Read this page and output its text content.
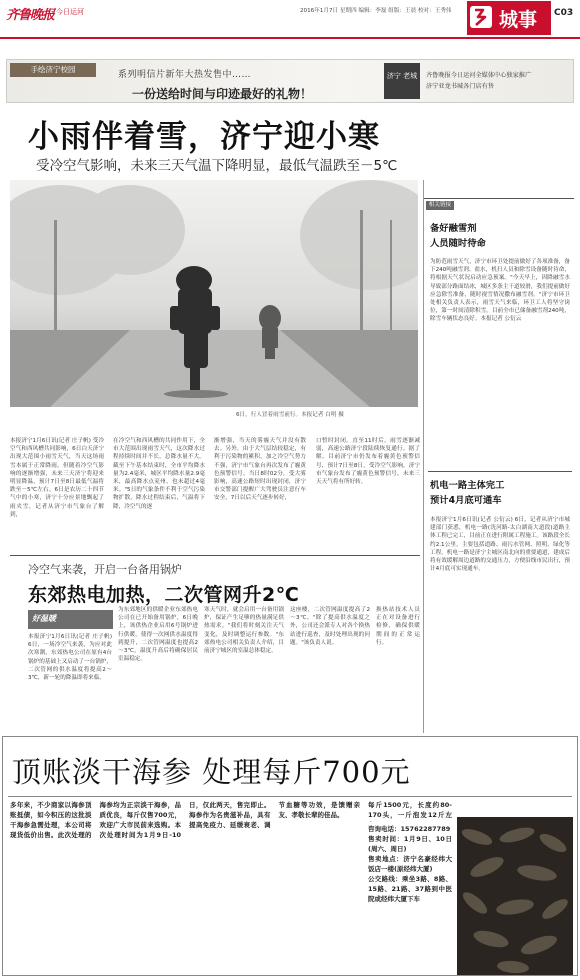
齐鲁晚报 今日运河	2016年1月7日 星期四 编辑：李磊 组版：王晨 校对：王秀伟 城事 C03
手绘济宁校园
系列明信片新年大热发售中……
一份送给时间与印迹最好的礼物！
济宁 老城	齐鲁晚报今日运河全媒体中心独家推广
济宁亚龙书城各门店有售
小雨伴着雪，济宁迎小寒
受冷空气影响，未来三天气温下降明显，最低气温跌至－5℃
6日，行人冒着雨雪前行。本报记者 白明 摄
本报济宁1月6日讯(记者 庄子帆) 受冷空气和西风槽共同影响，6日白天济宁出现大范围小雨雪天气，当天这场雨雪本属于正常降雨，但随着冷空气影响的逐渐增强，未来三天济宁将迎来明显降温，预计7日至8日最低气温将跌至－5℃左右。6日是农历二十四节气中的小寒，济宁十分应景地飘起了雨夹雪，记者从济宁市气象台了解到，
在冷空气和西风槽的共同作用下，全市大范围出现雨雪天气，这次降水过程持续时间并不长，总降水量不大。截至下午基本结束时，全市平均降水量为2.4毫米，城区平均降水量2.9毫米，最高降水点兖州，也未超过4毫米。"5日的气象条件不利于空气污染物扩散，降水过程结束后，气温将下降，冷空气的逐
渐增强，当天的雾霾天气并没有散去。另外，由于大气层结较稳定，有利于污染物的累积，加之冷空气势力不强，济宁市气象台再次发布了霾黄色预警信号。当日8时02分，受大雾影响，高速公路短时出现封闭，济宁市交警部门提醒广大驾驶员注意行车安全，7日以后天气逐步转好，
口暂时封闭。直至11时后，雨雪逐渐减弱，高速公路济宁段陆续恢复通行。据了解，目前济宁市仍发布着霾黄色预警信号，预计7日至8日，受冷空气影响，济宁市气象台发布了霾黄色预警信号，未来三天天气将有所好转。
相关链接
备好融雪剂
人员随时待命
为防范雨雪天气，济宁市环卫处提前做好了各项准备，备下240吨融雪剂、盐水，机扫人员和除雪设备随时待命，将根据天气状况启动应急预案。"今天早上，因降融雪水导致部分路面结冰，城区多条主干道较滑，我们提前做好应急除雪准备，随时视雪情况撒布融雪剂。"济宁市环卫处相关负责人表示，雨雪天气来临，环卫工人将坚守岗位，第一时间清除积雪。目前全市已储备融雪剂240吨，除雪车辆状态良好。本报记者 公衍云
机电一路主体完工
预计4月底可通车
本报济宁1月6日讯(记者 公衍云) 6日，记者从济宁市城建部门获悉，机电一路(洸河路-太白湖南大道段)道路主体工程已完工，目前正在进行附属工程施工。该路段全长约2.1公里，主要包括道路、雨污水管网、照明、绿化等工程。机电一路是济宁主城区南北向的重要通道，建成后将有效缓解周边道路的交通压力，方便沿线市民出行，预计4月底可实现通车。
冷空气来袭，开启一台备用锅炉
东郊热电加热，二次管网升2℃
好温暖
本报济宁1月6日讯(记者 庄子帆) 6日，一场冷空气来袭，为应对此次寒潮，东郊热电公司在原有4台锅炉的基础上又启动了一台锅炉，二次管网的供水温度将提高2～3℃，新一轮的降温即将来临。
为东郊地区的供暖企业东郊热电公司在已开始备用锅炉，6日晚上，该供热企业启用6号锅炉进行供暖，使得一次网供水温度得到提升，二次管网温度也提高2～3℃，温度升高后将确保居民室温稳定。
寒天气时，就会启用一台备用锅炉，保证产生足够的热量满足供热需求。"我们将时刻关注天气变化，及时调整运行参数。"东郊热电公司相关负责人介绍，目前济宁城区的室温总体稳定。
这座楼，二次管网温度提高了2～3℃。"除了提高供水温度之外，公司还会派专人对各个换热站进行巡查，及时处理出现的问题。"该负责人说。
换热站技术人员正在对设备进行检修，确保供暖期间的正常运行。
顶账淡干海参 处理每斤700元
多年来，不少商家以海参顶账抵债，如今积压的这批淡干海参急需处理，本公司将现货低价出售。此次处理的海参均为正宗淡干海参，品质优良，每斤仅售700元，欢迎广大市民前来选购。本次处理时间为1月9日-10日，仅此两天，售完即止。海参作为名贵滋补品，具有提高免疫力、延缓衰老、调节血糖等功效，是馈赠亲友、孝敬长辈的佳品。
每斤1500元，长度约80-170头，一斤泡发12斤左
咨询电话：15762287789
售卖时间：1月9日、10日(周六、周日)
售卖地点：济宁名豪经纬大饭店一楼(原经纬大厦)
公交路线：乘坐3路、8路、15路、21路、37路到中医院或经纬大厦下车
